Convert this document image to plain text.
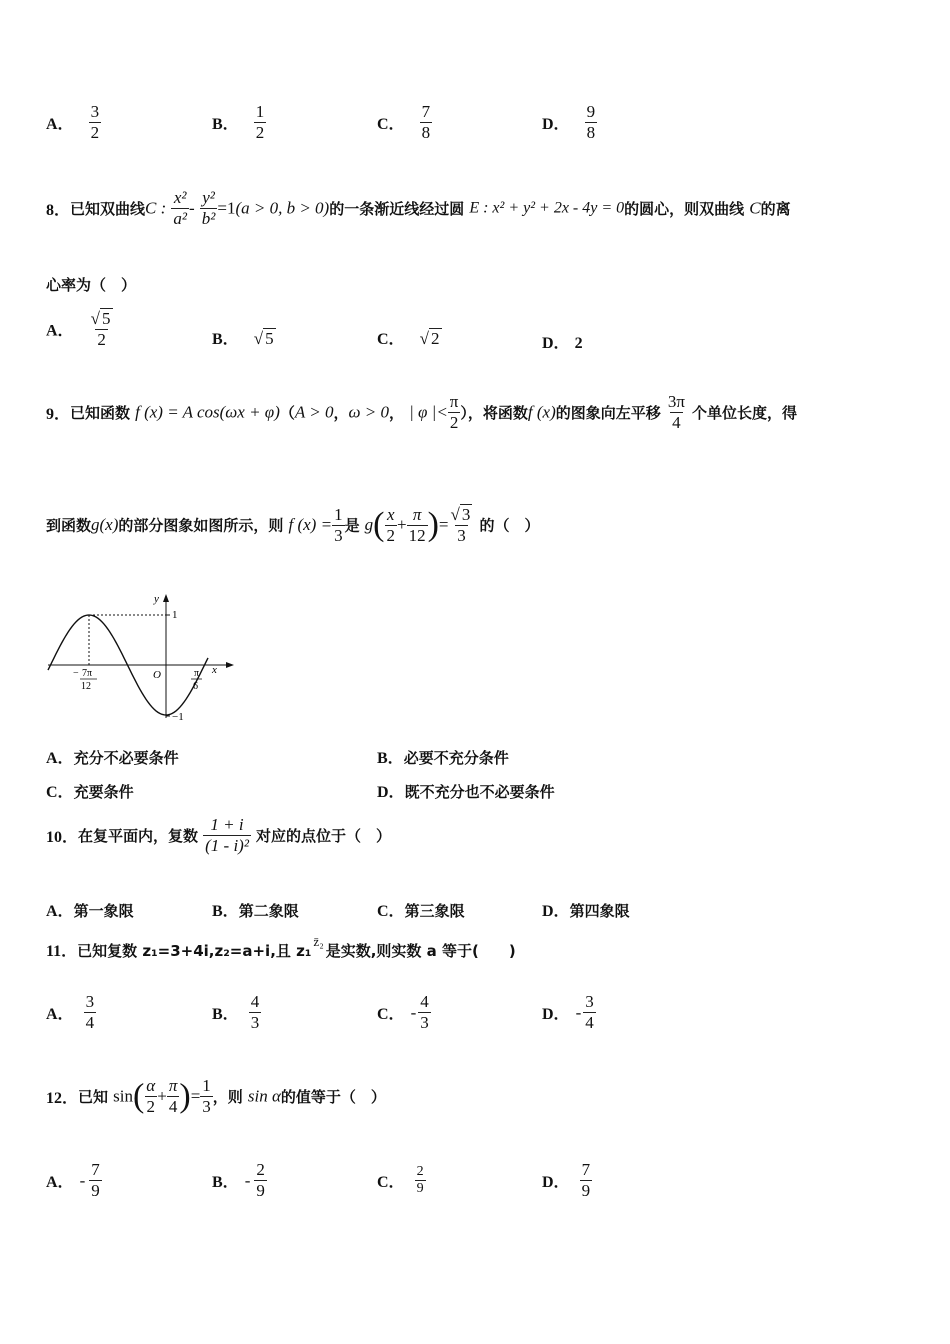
A． $\frac{3}{2}$	B． $\frac{1}{2}$	C． $\frac{7}{8}$	D． $\frac{9}{8}$
8．已知双曲线C : $\frac{\text{x²}}{\text{a²}} - \frac{\text{y²}}{\text{b²}} =1(a > 0$, b > 0)的一条渐近线经过圆 E : x² + y² + 2x - 4y = 0的圆心，则双曲线 C的离
心率为（　）
A． $\frac{√ 5}{2}$	B． √ 5	C． √ 2	D． 2
9．已知函数 f (x) = A cos(ωx + φ)（A > 0，ω > 0， | φ |< $\frac{\pi}{2}$ ），将函数f (x)的图象向左平移 $\frac{3\pi}{4}$ 个单位长度，得
到函数g(x)的部分图象如图所示，则 f $(x) = \frac{1}{3}$ 是 $g( \frac{x}{2} + \frac{\pi}{12}$ )= $\frac{√ 3}{3}$ 的（　）
y
x
O
1
−1
− 7π
12
π
6
A．充分不必要条件	B．必要不充分条件
C．充要条件	D．既不充分也不必要条件
10．在复平面内，复数 $\frac{1 + i}{\text{(1 - i)²}}$ 对应的点位于（　）
A．第一象限	B．第二象限	C．第三象限	D．第四象限
11．已知复数 z₁=3+4i,z₂=a+i,且 z₁$^{z̄_2}$是实数,则实数 a 等于(　　)
A． $\frac{3}{4}$	B． $\frac{4}{3}$	C． - $\frac{4}{3}$	D． - $\frac{3}{4}$
12．已知 $\sin( \frac{\alpha}{2} + \frac{\pi}{4}$ )= $\frac{1}{3}$ ，则 sin α的值等于（　）
A． - $\frac{7}{9}$	B． - $\frac{2}{9}$	C． $\frac{2}{9}$	D． $\frac{7}{9}$
